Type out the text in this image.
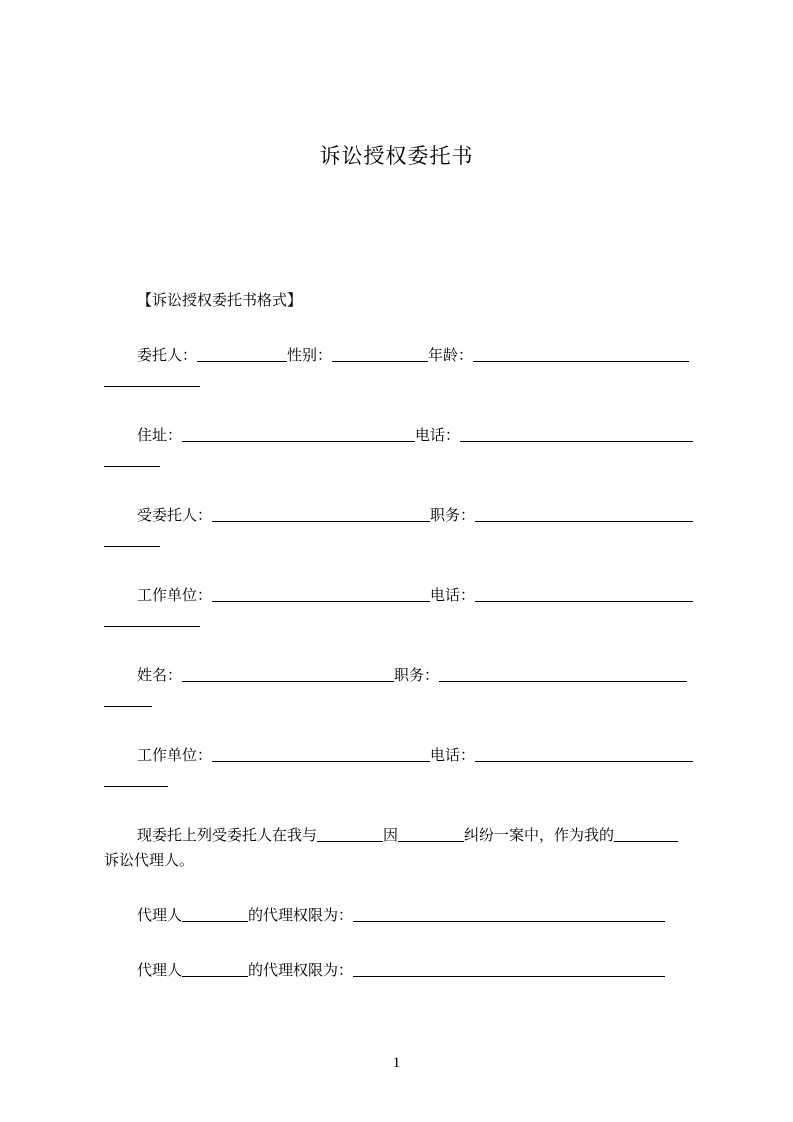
诉讼授权委托书
【诉讼授权委托书格式】
委托人：	性别：	年龄：
住址：	电话：
受委托人：	职务：
工作单位：	电话：
姓名：	职务：
工作单位：	电话：
现委托上列受委托人在我与	因	纠纷一案中，作为我的
诉讼代理人。
代理人	的代理权限为：
代理人	的代理权限为：
1
